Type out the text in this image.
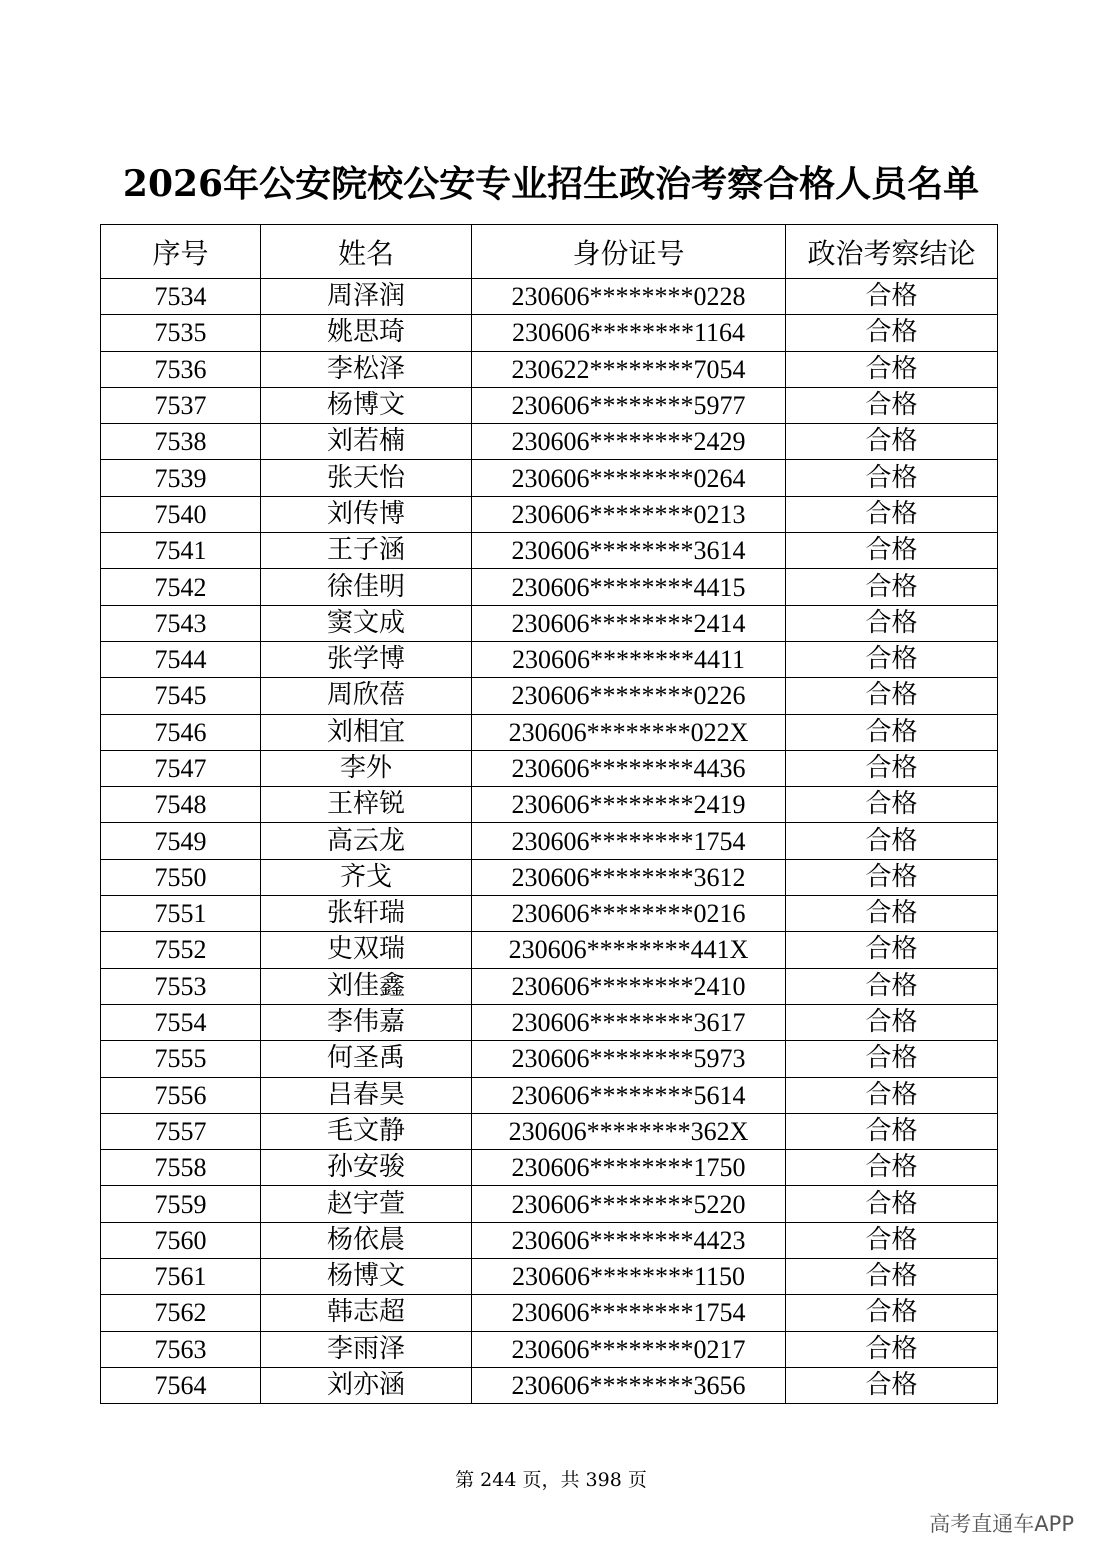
2026年公安院校公安专业招生政治考察合格人员名单
序号	姓名	身份证号	政治考察结论
7534	周泽润	230606********0228	合格
7535	姚思琦	230606********1164	合格
7536	李松泽	230622********7054	合格
7537	杨博文	230606********5977	合格
7538	刘若楠	230606********2429	合格
7539	张天怡	230606********0264	合格
7540	刘传博	230606********0213	合格
7541	王子涵	230606********3614	合格
7542	徐佳明	230606********4415	合格
7543	窦文成	230606********2414	合格
7544	张学博	230606********4411	合格
7545	周欣蓓	230606********0226	合格
7546	刘相宜	230606********022X	合格
7547	李外	230606********4436	合格
7548	王梓锐	230606********2419	合格
7549	高云龙	230606********1754	合格
7550	齐戈	230606********3612	合格
7551	张轩瑞	230606********0216	合格
7552	史双瑞	230606********441X	合格
7553	刘佳鑫	230606********2410	合格
7554	李伟嘉	230606********3617	合格
7555	何圣禹	230606********5973	合格
7556	吕春昊	230606********5614	合格
7557	毛文静	230606********362X	合格
7558	孙安骏	230606********1750	合格
7559	赵宇萱	230606********5220	合格
7560	杨依晨	230606********4423	合格
7561	杨博文	230606********1150	合格
7562	韩志超	230606********1754	合格
7563	李雨泽	230606********0217	合格
7564	刘亦涵	230606********3656	合格
第 244 页，共 398 页
高考直通车APP
